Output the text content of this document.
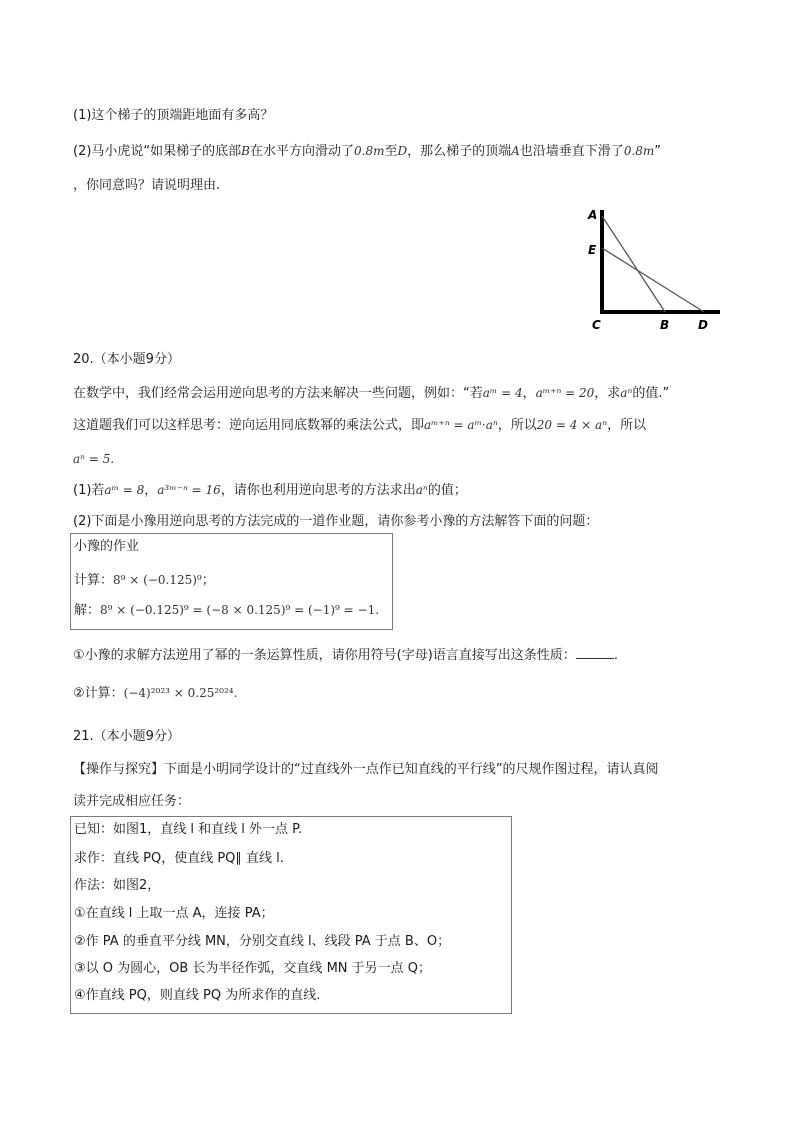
(1)这个梯子的顶端距地面有多高？
(2)马小虎说“如果梯子的底部B在水平方向滑动了0.8m至D，那么梯子的顶端A也沿墙垂直下滑了0.8m”
，你同意吗？请说明理由.
A
E
C	B D
20.（本小题9分）
在数学中，我们经常会运用逆向思考的方法来解决一些问题，例如：“若aᵐ = 4，aᵐ⁺ⁿ = 20，求aⁿ的值.”
这道题我们可以这样思考：逆向运用同底数幂的乘法公式，即aᵐ⁺ⁿ = aᵐ·aⁿ，所以20 = 4 × aⁿ，所以
aⁿ = 5.
(1)若aᵐ = 8，a³ᵐ⁻ⁿ = 16，请你也利用逆向思考的方法求出aⁿ的值；
(2)下面是小豫用逆向思考的方法完成的一道作业题，请你参考小豫的方法解答下面的问题：
小豫的作业
计算：8⁹ × (−0.125)⁹；
解：8⁹ × (−0.125)⁹ = (−8 × 0.125)⁹ = (−1)⁹ = −1.
①小豫的求解方法逆用了幂的一条运算性质，请你用符号(字母)语言直接写出这条性质：	.
②计算：(−4)²⁰²³ × 0.25²⁰²⁴.
21.（本小题9分）
【操作与探究】下面是小明同学设计的“过直线外一点作已知直线的平行线”的尺规作图过程，请认真阅
读并完成相应任务：
已知：如图1，直线 l 和直线 l 外一点 P.
求作：直线 PQ，使直线 PQ∥ 直线 l.
作法：如图2，
①在直线 l 上取一点 A，连接 PA；
②作 PA 的垂直平分线 MN，分别交直线 l、线段 PA 于点 B、O；
③以 O 为圆心，OB 长为半径作弧，交直线 MN 于另一点 Q；
④作直线 PQ，则直线 PQ 为所求作的直线.
